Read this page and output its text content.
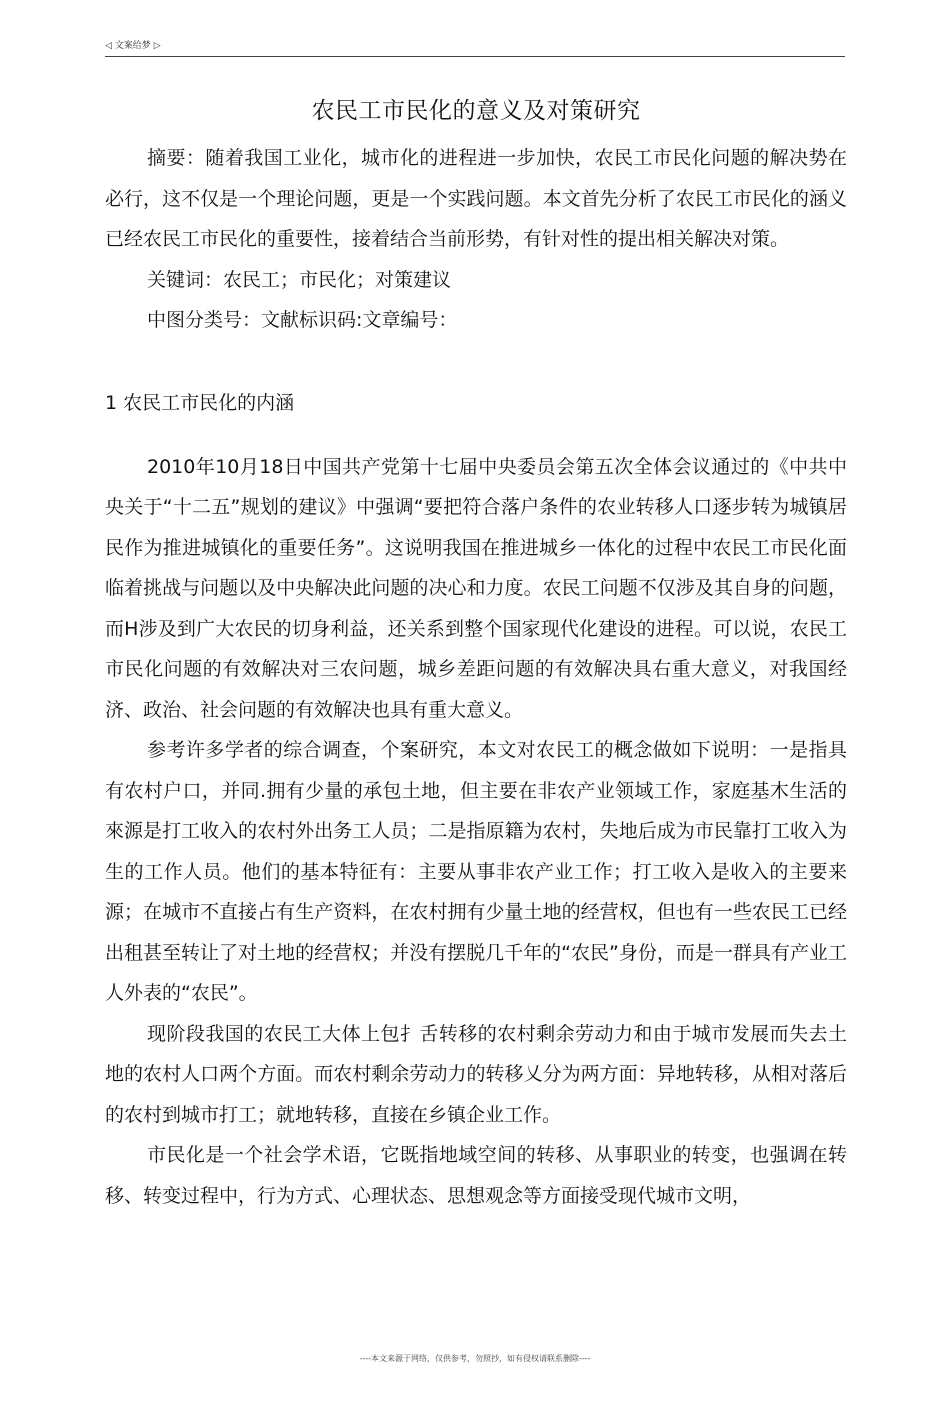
◁ 文案给梦 ▷
农民工市民化的意义及对策研究

摘要：随着我国工业化，城市化的进程进一步加快，农民工市民化问题的解决势在必行，这不仅是一个理论问题，更是一个实践问题。本文首先分析了农民工市民化的涵义已经农民工市民化的重要性，接着结合当前形势，有针对性的提出相关解决对策。

关键词：农民工；市民化；对策建议

中图分类号：文献标识码:文章编号：

1 农民工市民化的内涵

2010年10月18日中国共产党第十七届中央委员会第五次全体会议通过的《中共中央关于“十二五”规划的建议》中强调“要把符合落户条件的农业转移人口逐步转为城镇居民作为推进城镇化的重要任务”。这说明我国在推进城乡一体化的过程中农民工市民化面临着挑战与问题以及中央解决此问题的决心和力度。农民工问题不仅涉及其自身的问题，而H涉及到广大农民的切身利益，还关系到整个国家现代化建设的进程。可以说，农民工市民化问题的有效解决对三农问题，城乡差距问题的有效解决具右重大意义，对我国经济、政治、社会问题的有效解决也具有重大意义。

参考许多学者的综合调查，个案研究，本文对农民工的概念做如下说明：一是指具有农村户口，并同.拥有少量的承包土地，但主要在非农产业领域工作，家庭基木生活的來源是打工收入的农村外出务工人员；二是指原籍为农村，失地后成为市民靠打工收入为生的工作人员。他们的基本特征有：主要从事非农产业工作；打工收入是收入的主要来源；在城市不直接占有生产资料，在农村拥有少量土地的经营权，但也有一些农民工已经出租甚至转让了对土地的经营权；并没有摆脱几千年的“农民”身份，而是一群具有产业工人外表的“农民”。

现阶段我国的农民工大体上包扌舌转移的农村剩余劳动力和由于城市发展而失去土地的农村人口两个方面。而农村剩余劳动力的转移乂分为两方面：异地转移，从相对落后的农村到城市打工；就地转移，直接在乡镇企业工作。

市民化是一个社会学术语，它既指地域空间的转移、从事职业的转变，也强调在转移、转变过程中，行为方式、心理状态、思想观念等方面接受现代城市文明，

----本文来源于网络，仅供参考，勿照抄，如有侵权请联系删除----
